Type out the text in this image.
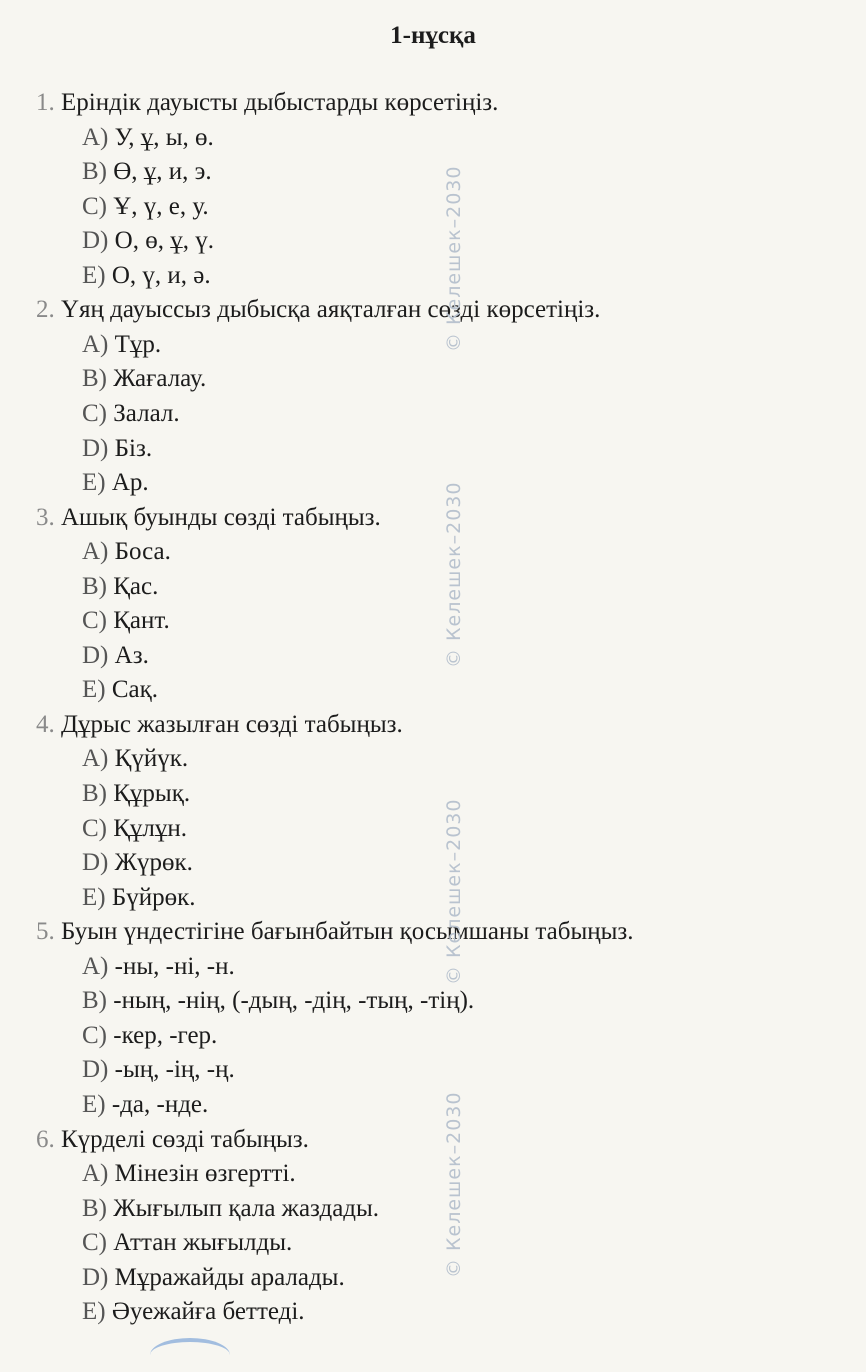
1-нұсқа
1. Еріндік дауысты дыбыстарды көрсетіңіз.
A) У, ұ, ы, ө.
B) Ө, ұ, и, э.
C) Ұ, ү, е, у.
D) О, ө, ұ, ү.
E) О, ү, и, ә.
2. Үяң дауыссыз дыбысқа аяқталған сөзді көрсетіңіз.
A) Тұр.
B) Жағалау.
C) Залал.
D) Біз.
E) Ар.
3. Ашық буынды сөзді табыңыз.
A) Боса.
B) Қас.
C) Қант.
D) Аз.
E) Сақ.
4. Дұрыс жазылған сөзді табыңыз.
A) Қүйүк.
B) Құрық.
C) Құлұн.
D) Жүрөк.
E) Бүйрөк.
5. Буын үндестігіне бағынбайтын қосымшаны табыңыз.
A) -ны, -ні, -н.
B) -ның, -нің, (-дың, -дің, -тың, -тің).
C) -кер, -гер.
D) -ың, -ің, -ң.
E) -да, -нде.
6. Күрделі сөзді табыңыз.
A) Мінезін өзгертті.
B) Жығылып қала жаздады.
C) Аттан жығылды.
D) Мұражайды аралады.
E) Әуежайға беттеді.
© Келешек–2030
© Келешек–2030
© Келешек–2030
© Келешек–2030
